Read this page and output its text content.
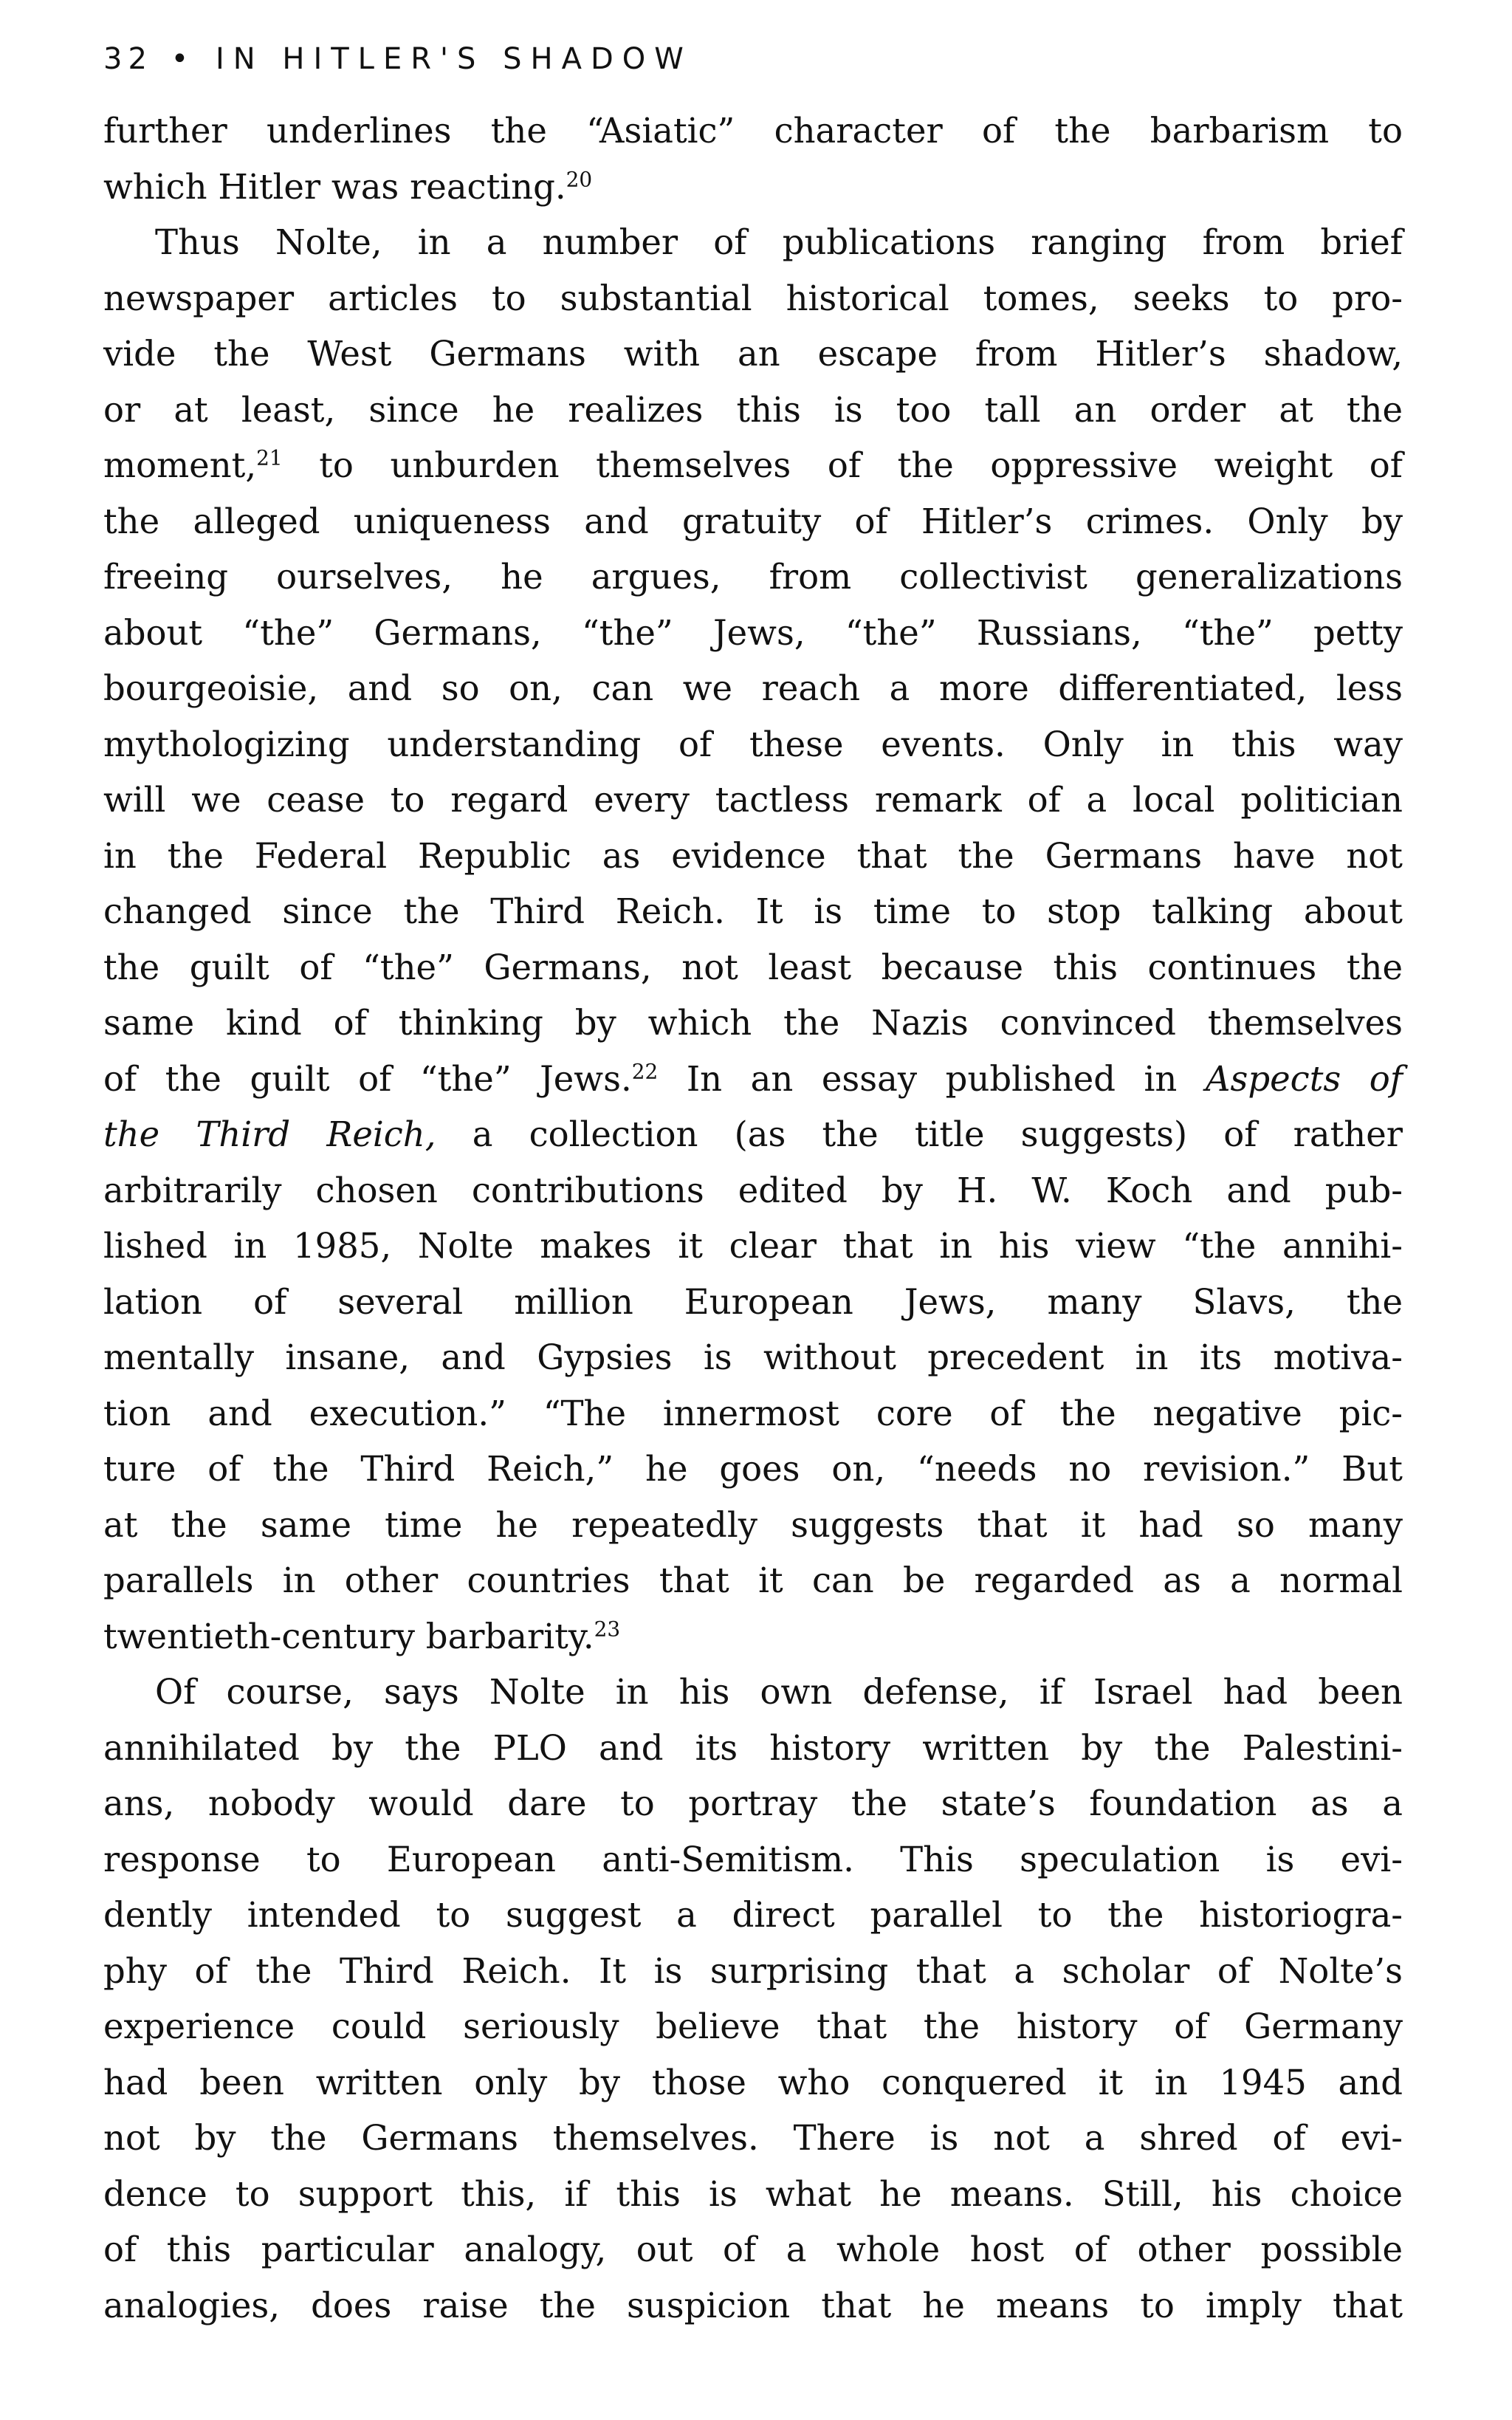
32 • IN HITLER'S SHADOW
further underlines the “Asiatic” character of the barbarism to
which Hitler was reacting.$^{20}$
Thus Nolte, in a number of publications ranging from brief
newspaper articles to substantial historical tomes, seeks to pro-
vide the West Germans with an escape from Hitler’s shadow,
or at least, since he realizes this is too tall an order at the
moment,$^{21}$ to unburden themselves of the oppressive weight of
the alleged uniqueness and gratuity of Hitler’s crimes. Only by
freeing ourselves, he argues, from collectivist generalizations
about “the” Germans, “the” Jews, “the” Russians, “the” petty
bourgeoisie, and so on, can we reach a more differentiated, less
mythologizing understanding of these events. Only in this way
will we cease to regard every tactless remark of a local politician
in the Federal Republic as evidence that the Germans have not
changed since the Third Reich. It is time to stop talking about
the guilt of “the” Germans, not least because this continues the
same kind of thinking by which the Nazis convinced themselves
of the guilt of “the” Jews.$^{22}$ In an essay published in Aspects of
the Third Reich, a collection (as the title suggests) of rather
arbitrarily chosen contributions edited by H. W. Koch and pub-
lished in 1985, Nolte makes it clear that in his view “the annihi-
lation of several million European Jews, many Slavs, the
mentally insane, and Gypsies is without precedent in its motiva-
tion and execution.” “The innermost core of the negative pic-
ture of the Third Reich,” he goes on, “needs no revision.” But
at the same time he repeatedly suggests that it had so many
parallels in other countries that it can be regarded as a normal
twentieth-century barbarity.$^{23}$
Of course, says Nolte in his own defense, if Israel had been
annihilated by the PLO and its history written by the Palestini-
ans, nobody would dare to portray the state’s foundation as a
response to European anti-Semitism. This speculation is evi-
dently intended to suggest a direct parallel to the historiogra-
phy of the Third Reich. It is surprising that a scholar of Nolte’s
experience could seriously believe that the history of Germany
had been written only by those who conquered it in 1945 and
not by the Germans themselves. There is not a shred of evi-
dence to support this, if this is what he means. Still, his choice
of this particular analogy, out of a whole host of other possible
analogies, does raise the suspicion that he means to imply that
